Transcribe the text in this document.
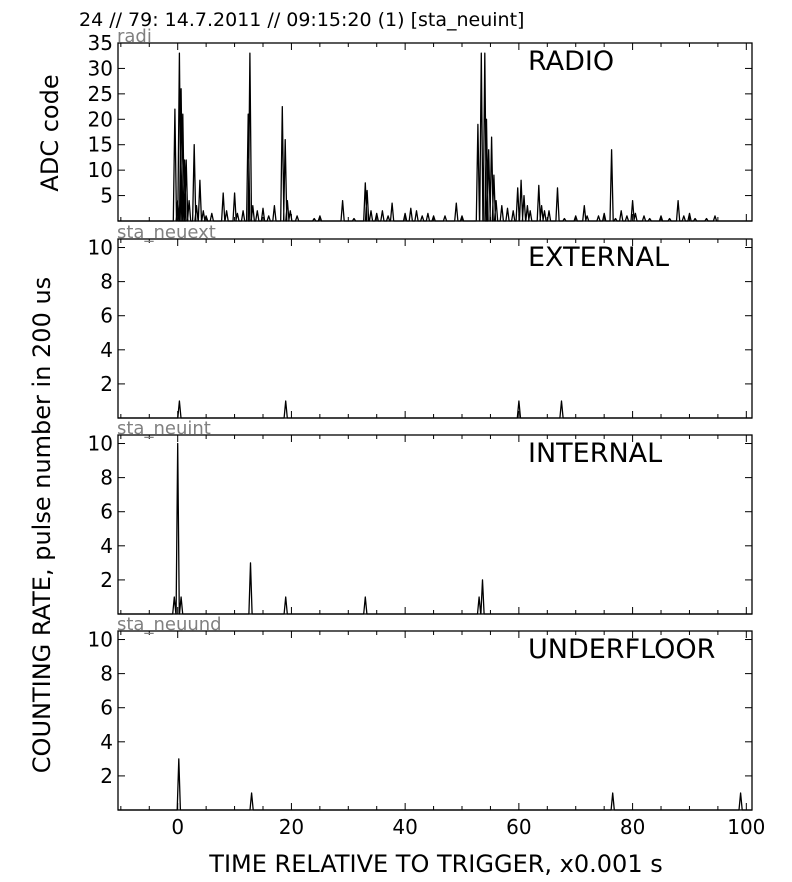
24 // 79: 14.7.2011 // 09:15:20 (1) [sta_neuint]
5
10
15
20
25
30
35
RADIO
radi
2
4
6
8
10	EXTERNAL
sta_neuext
2
4
6
8
10	INTERNAL
sta_neuint
2
4
6
8
10	UNDERFLOOR
sta_neuund
0	20	40	60	80	100
ADC code
COUNTING RATE, pulse number in 200 us
TIME RELATIVE TO TRIGGER, x0.001 s
